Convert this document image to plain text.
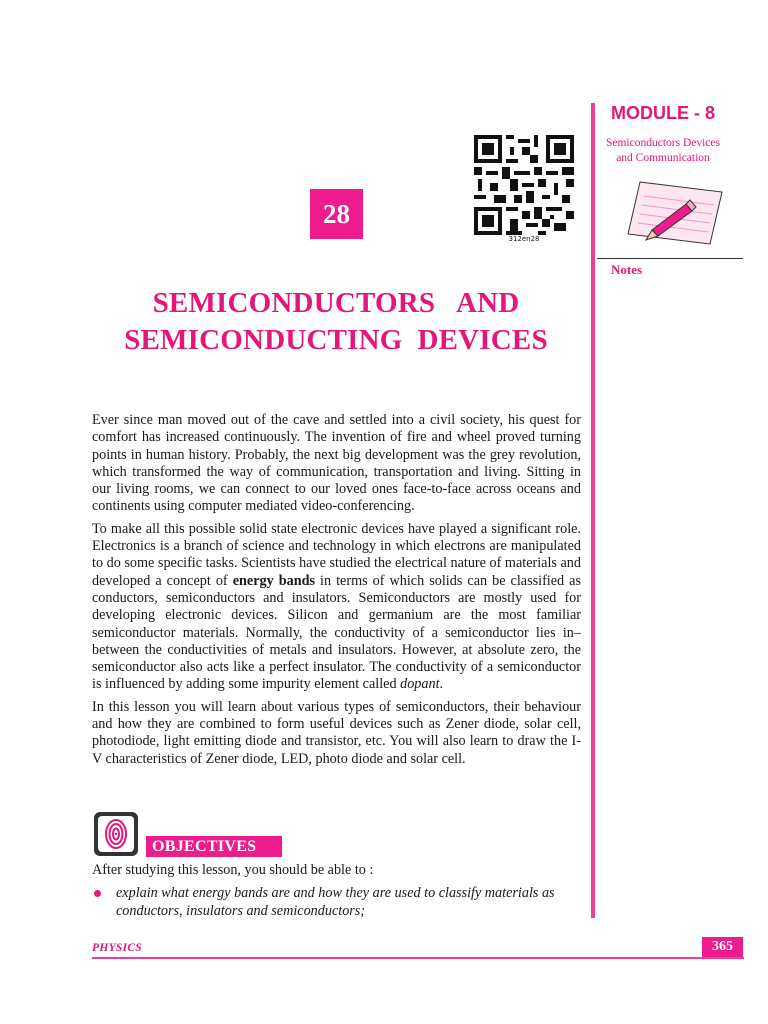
MODULE - 8
Semiconductors Devices
and Communication
Notes
312en28
28
SEMICONDUCTORS   AND
SEMICONDUCTING  DEVICES

Ever since man moved out of the cave and settled into a civil society, his quest for comfort has increased continuously. The invention of fire and wheel proved turning points in human history. Probably, the next big development was the grey revolution, which transformed the way of communication, transportation and living. Sitting in our living rooms, we can connect to our loved ones face-to-face across oceans and continents using computer mediated video-conferencing.

To make all this possible solid state electronic devices have played a significant role. Electronics is a branch of science and technology in which electrons are manipulated to do some specific tasks. Scientists have studied the electrical nature of materials and developed a concept of energy bands in terms of which solids can be classified as conductors, semiconductors and insulators. Semiconductors are mostly used for developing electronic devices. Silicon and germanium are the most familiar semiconductor materials. Normally, the conductivity of a semiconductor lies in–between the conductivities of metals and insulators. However, at absolute zero, the semiconductor also acts like a perfect insulator. The conductivity of a semiconductor is influenced by adding some impurity element called dopant.

In this lesson you will learn about various types of semiconductors, their behaviour and how they are combined to form useful devices such as Zener diode, solar cell, photodiode, light emitting diode and transistor, etc. You will also learn to draw the I-V characteristics of Zener diode, LED, photo diode and solar cell.

OBJECTIVES
After studying this lesson, you should be able to :
explain what energy bands are and how they are used to classify materials as conductors, insulators and semiconductors;
PHYSICS	365
